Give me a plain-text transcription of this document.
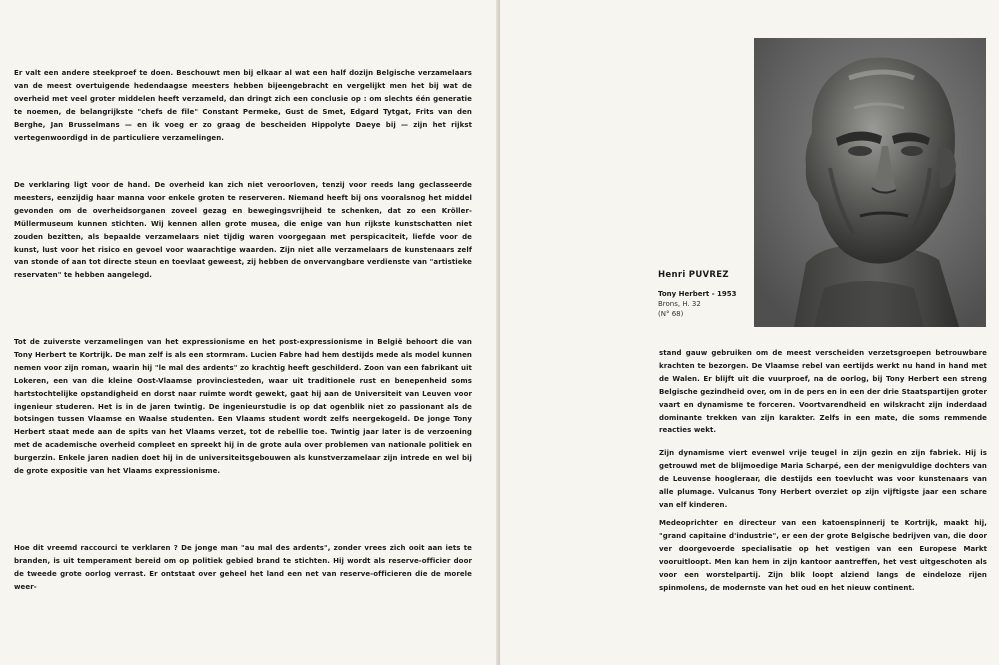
Er valt een andere steekproef te doen. Beschouwt men bij elkaar al wat een half dozijn Belgische verzamelaars van de meest overtuigende hedendaagse meesters hebben bijeengebracht en vergelijkt men het bij wat de overheid met veel groter middelen heeft verzameld, dan dringt zich een conclusie op : om slechts één generatie te noemen, de belangrijkste "chefs de file" Constant Permeke, Gust de Smet, Edgard Tytgat, Frits van den Berghe, Jan Brusselmans — en ik voeg er zo graag de bescheiden Hippolyte Daeye bij — zijn het rijkst vertegenwoordigd in de particuliere verzamelingen.

De verklaring ligt voor de hand. De overheid kan zich niet veroorloven, tenzij voor reeds lang geclasseerde meesters, eenzijdig haar manna voor enkele groten te reserveren. Niemand heeft bij ons vooralsnog het middel gevonden om de overheidsorganen zoveel gezag en bewegingsvrijheid te schenken, dat zo een Kröller-Müllermuseum kunnen stichten. Wij kennen allen grote musea, die enige van hun rijkste kunstschatten niet zouden bezitten, als bepaalde verzamelaars niet tijdig waren voorgegaan met perspicaciteit, liefde voor de kunst, lust voor het risico en gevoel voor waarachtige waarden. Zijn niet alle verzamelaars de kunstenaars zelf van stonde of aan tot directe steun en toevlaat geweest, zij hebben de onvervangbare verdienste van "artistieke reservaten" te hebben aangelegd.

Tot de zuiverste verzamelingen van het expressionisme en het post-expressionisme in België behoort die van Tony Herbert te Kortrijk. De man zelf is als een stormram. Lucien Fabre had hem destijds mede als model kunnen nemen voor zijn roman, waarin hij "le mal des ardents" zo krachtig heeft geschilderd. Zoon van een fabrikant uit Lokeren, een van die kleine Oost-Vlaamse provinciesteden, waar uit traditionele rust en benepenheid soms hartstochtelijke opstandigheid en dorst naar ruimte wordt gewekt, gaat hij aan de Universiteit van Leuven voor ingenieur studeren. Het is in de jaren twintig. De ingenieurstudie is op dat ogenblik niet zo passionant als de botsingen tussen Vlaamse en Waalse studenten. Een Vlaams student wordt zelfs neergekogeld. De jonge Tony Herbert staat mede aan de spits van het Vlaams verzet, tot de rebellie toe. Twintig jaar later is de verzoening met de academische overheid compleet en spreekt hij in de grote aula over problemen van nationale politiek en burgerzin. Enkele jaren nadien doet hij in de universiteitsgebouwen als kunstverzamelaar zijn intrede en wel bij de grote expositie van het Vlaams expressionisme.

Hoe dit vreemd raccourci te verklaren ? De jonge man "au mal des ardents", zonder vrees zich ooit aan iets te branden, is uit temperament bereid om op politiek gebied brand te stichten. Hij wordt als reserve-officier door de tweede grote oorlog verrast. Er ontstaat over geheel het land een net van reserve-officieren die de morele weer-

Henri PUVREZ
Tony Herbert - 1953
Brons, H. 32
(N° 68)

stand gauw gebruiken om de meest verscheiden verzetsgroepen betrouwbare krachten te bezorgen. De Vlaamse rebel van eertijds werkt nu hand in hand met de Walen. Er blijft uit die vuurproef, na de oorlog, bij Tony Herbert een streng Belgische gezindheid over, om in de pers en in een der drie Staatspartijen groter vaart en dynamisme te forceren. Voortvarendheid en wilskracht zijn inderdaad dominante trekken van zijn karakter. Zelfs in een mate, die soms remmende reacties wekt.

Zijn dynamisme viert evenwel vrije teugel in zijn gezin en zijn fabriek. Hij is getrouwd met de blijmoedige Maria Scharpé, een der menigvuldige dochters van de Leuvense hoogleraar, die destijds een toevlucht was voor kunstenaars van alle plumage. Vulcanus Tony Herbert overziet op zijn vijftigste jaar een schare van elf kinderen.

Medeoprichter en directeur van een katoenspinnerij te Kortrijk, maakt hij, "grand capitaine d'industrie", er een der grote Belgische bedrijven van, die door ver doorgevoerde specialisatie op het vestigen van een Europese Markt vooruitloopt. Men kan hem in zijn kantoor aantreffen, het vest uitgeschoten als voor een worstelpartij. Zijn blik loopt alziend langs de eindeloze rijen spinmolens, de modernste van het oud en het nieuw continent.
